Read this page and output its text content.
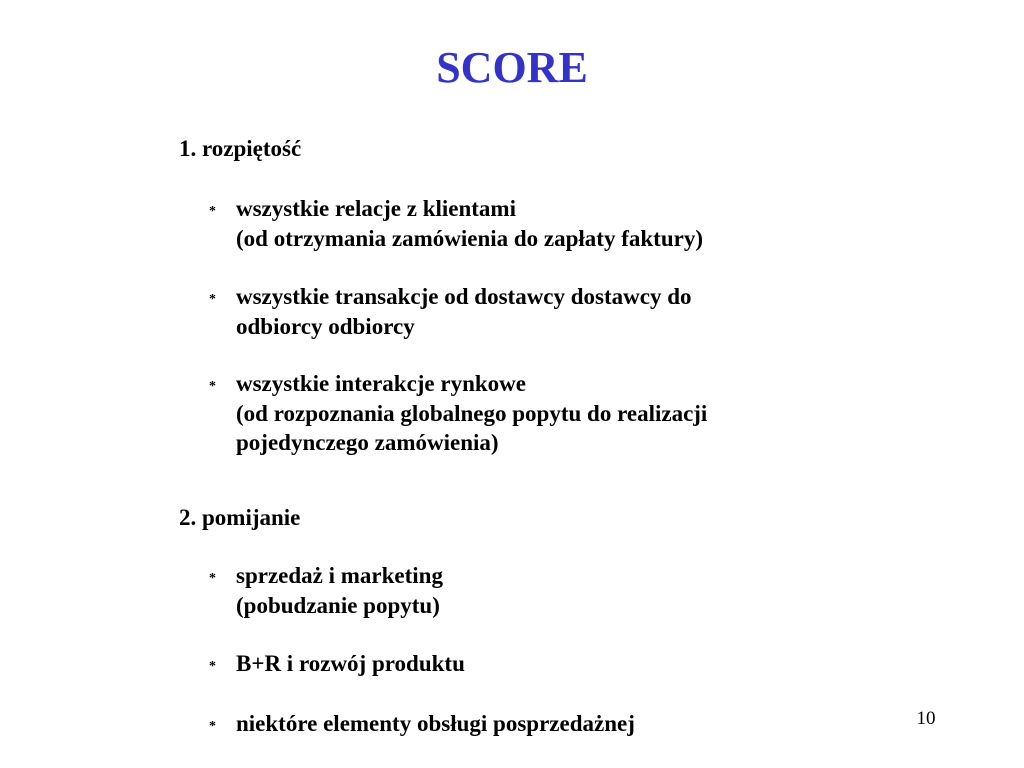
SCORE
1. rozpiętość
* wszystkie relacje z klientami
(od otrzymania zamówienia do zapłaty faktury)
* wszystkie transakcje od dostawcy dostawcy do
odbiorcy odbiorcy
* wszystkie interakcje rynkowe
(od rozpoznania globalnego popytu do realizacji
pojedynczego zamówienia)
2. pomijanie
* sprzedaż i marketing
(pobudzanie popytu)
* B+R i rozwój produktu
* niektóre elementy obsługi posprzedażnej	10
